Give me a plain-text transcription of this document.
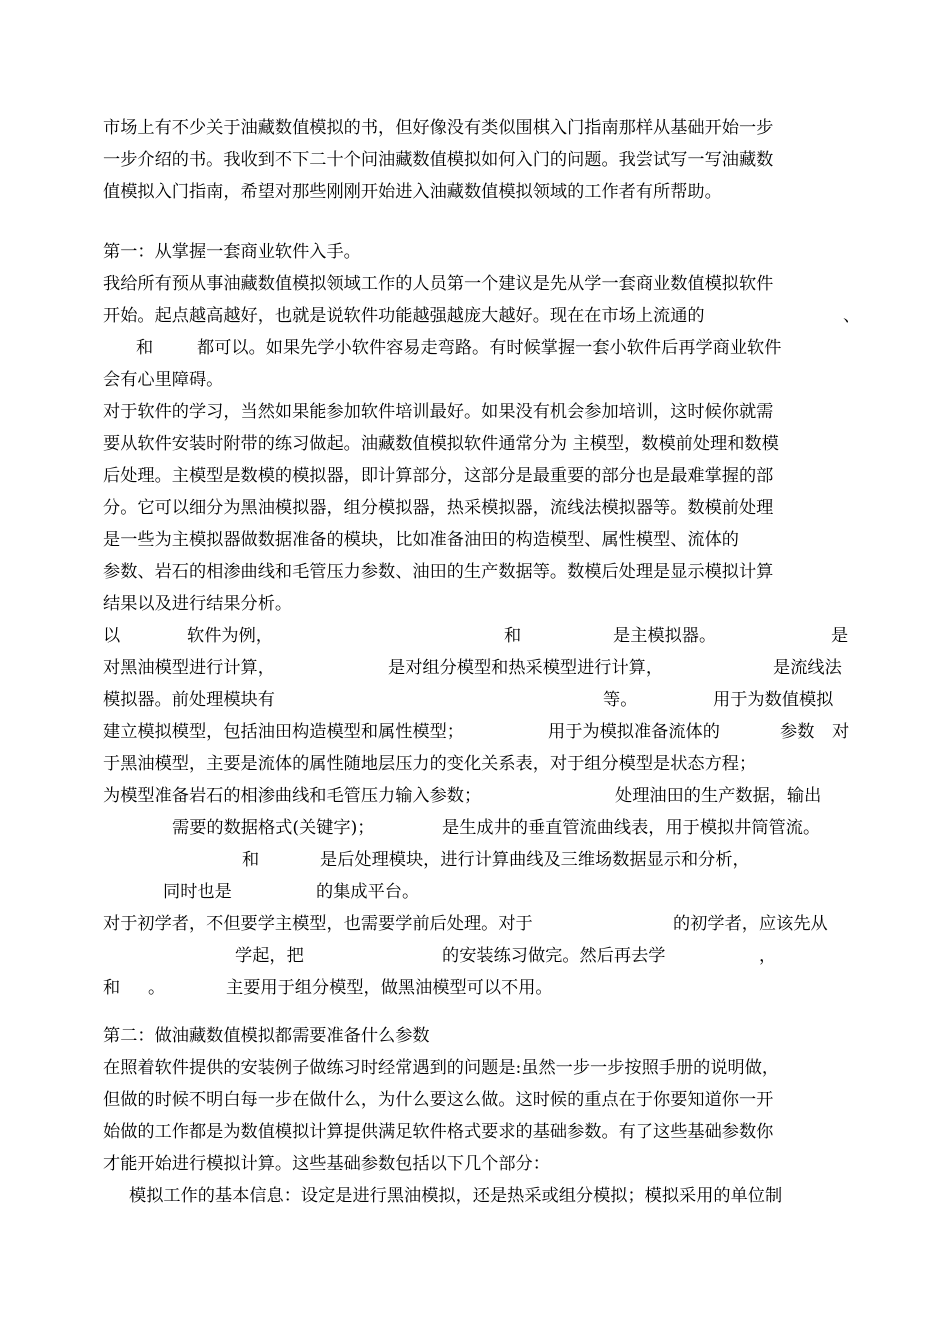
市场上有不少关于油藏数值模拟的书，但好像没有类似围棋入门指南那样从基础开始一步
一步介绍的书。我收到不下二十个问油藏数值模拟如何入门的问题。我尝试写一写油藏数
值模拟入门指南，希望对那些刚刚开始进入油藏数值模拟领域的工作者有所帮助。
第一：从掌握一套商业软件入手。
我给所有预从事油藏数值模拟领域工作的人员第一个建议是先从学一套商业数值模拟软件
开始。起点越高越好，也就是说软件功能越强越庞大越好。现在在市场上流通的	、
和	都可以。如果先学小软件容易走弯路。有时候掌握一套小软件后再学商业软件
会有心里障碍。
对于软件的学习，当然如果能参加软件培训最好。如果没有机会参加培训，这时候你就需
要从软件安装时附带的练习做起。油藏数值模拟软件通常分为 主模型，数模前处理和数模
后处理。主模型是数模的模拟器，即计算部分，这部分是最重要的部分也是最难掌握的部
分。它可以细分为黑油模拟器，组分模拟器，热采模拟器，流线法模拟器等。数模前处理
是一些为主模拟器做数据准备的模块，比如准备油田的构造模型、属性模型、流体的
参数、岩石的相渗曲线和毛管压力参数、油田的生产数据等。数模后处理是显示模拟计算
结果以及进行结果分析。
以	软件为例，	和	是主模拟器。	是
对黑油模型进行计算，	是对组分模型和热采模型进行计算，	是流线法
模拟器。前处理模块有	等。	用于为数值模拟
建立模拟模型，包括油田构造模型和属性模型；	用于为模拟准备流体的	参数 对
于黑油模型，主要是流体的属性随地层压力的变化关系表，对于组分模型是状态方程；
为模型准备岩石的相渗曲线和毛管压力输入参数；	处理油田的生产数据，输出
需要的数据格式(关键字)；	是生成井的垂直管流曲线表，用于模拟井筒管流。
和	是后处理模块，进行计算曲线及三维场数据显示和分析，
同时也是	的集成平台。
对于初学者，不但要学主模型，也需要学前后处理。对于	的初学者，应该先从
学起，把	的安装练习做完。然后再去学	，
和 。	主要用于组分模型，做黑油模型可以不用。
第二：做油藏数值模拟都需要准备什么参数
在照着软件提供的安装例子做练习时经常遇到的问题是:虽然一步一步按照手册的说明做，
但做的时候不明白每一步在做什么，为什么要这么做。这时候的重点在于你要知道你一开
始做的工作都是为数值模拟计算提供满足软件格式要求的基础参数。有了这些基础参数你
才能开始进行模拟计算。这些基础参数包括以下几个部分：
模拟工作的基本信息：设定是进行黑油模拟，还是热采或组分模拟；模拟采用的单位制
